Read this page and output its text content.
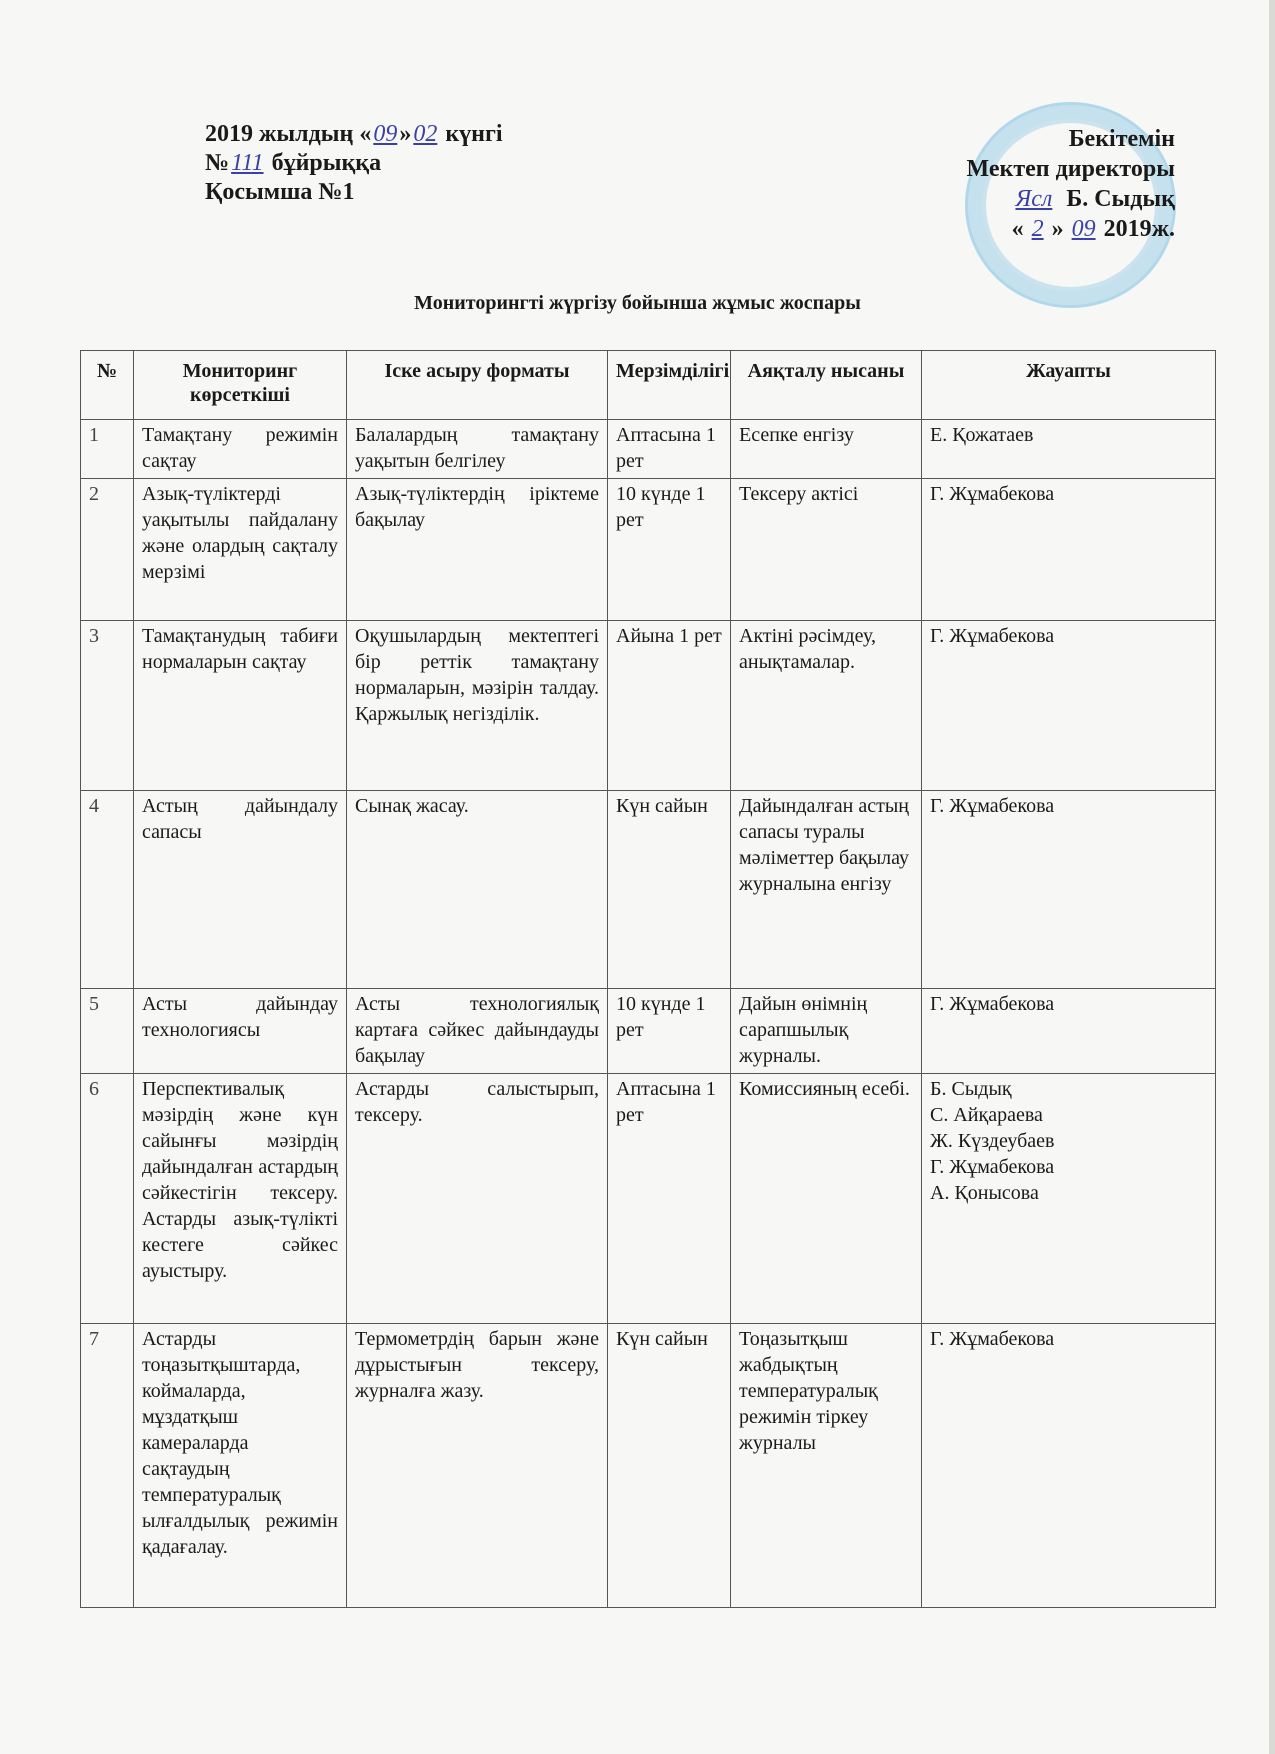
2019 жылдың «09»02 күнгі
№111 бұйрыққа
Қосымша №1
Бекітемін
Мектеп директоры
Ясл Б. Сыдық
« 2 » 09 2019ж.
Мониторингті жүргізу бойынша жұмыс жоспары
№	Мониторинг көрсеткіші	Іске асыру форматы	Мерзімділігі	Аяқталу нысаны	Жауапты
1	Тамақтану режимін сақтау	Балалардың тамақтану уақытын белгілеу	Аптасына 1 рет	Есепке енгізу	Е. Қожатаев

2	Азық-түліктерді уақытылы пайдалану және олардың сақталу мерзімі	Азық-түліктердің іріктеме бақылау	10 күнде 1 рет	Тексеру актісі	Г. Жұмабекова

3	Тамақтанудың табиғи нормаларын сақтау	Оқушылардың мектептегі бір реттік тамақтану нормаларын, мәзірін талдау. Қаржылық негізділік.	Айына 1 рет	Актіні рәсімдеу, анықтамалар.	Г. Жұмабекова

4	Астың дайындалу сапасы	Сынақ жасау.	Күн сайын	Дайындалған астың сапасы туралы мәліметтер бақылау журналына енгізу	Г. Жұмабекова

5	Асты дайындау технологиясы	Асты технологиялық картаға сәйкес дайындауды бақылау	10 күнде 1 рет	Дайын өнімнің сарапшылық журналы.	Г. Жұмабекова

6	Перспективалық мәзірдің және күн сайынғы мәзірдің дайындалған астардың сәйкестігін тексеру. Астарды азық-түлікті кестеге сәйкес ауыстыру.	Астарды салыстырып, тексеру.	Аптасына 1 рет	Комиссияның есебі.	Б. Сыдық
С. Айқараева
Ж. Күздеубаев
Г. Жұмабекова
А. Қонысова

7	Астарды тоңазытқыштарда, коймаларда, мұздатқыш камераларда сақтаудың температуралық ылғалдылық режимін қадағалау.	Термометрдің барын және дұрыстығын тексеру, журналға жазу.	Күн сайын	Тоңазытқыш жабдықтың температуралық режимін тіркеу журналы	Г. Жұмабекова
